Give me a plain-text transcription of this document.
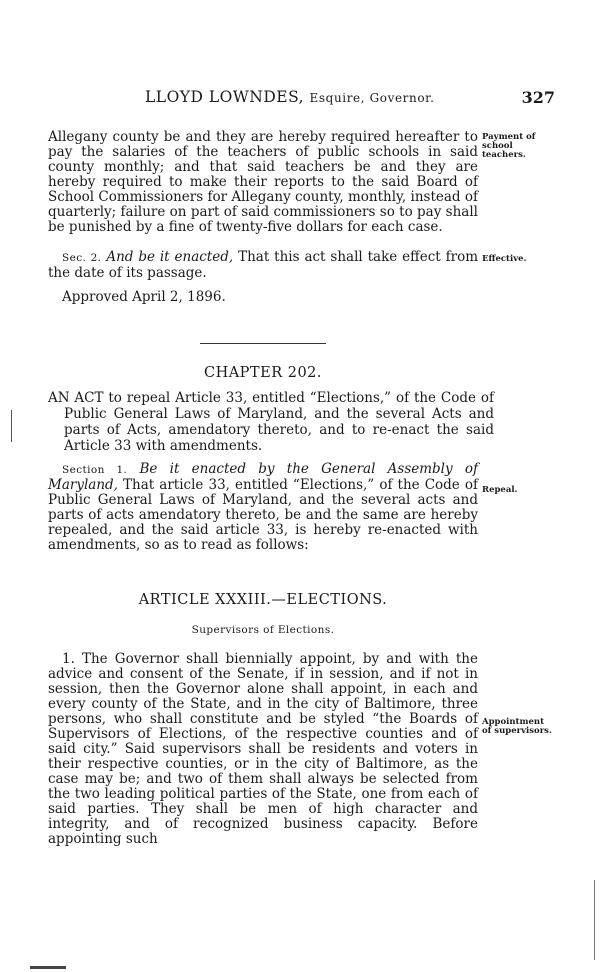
LLOYD LOWNDES, Esquire, Governor.	327
Allegany county be and they are hereby required hereafter to pay the salaries of the teachers of public schools in said county monthly; and that said teachers be and they are hereby required to make their reports to the said Board of School Commissioners for Allegany county, monthly, instead of quarterly; failure on part of said commissioners so to pay shall be punished by a fine of twenty-five dollars for each case.
Payment of school teachers.
Sec. 2. And be it enacted, That this act shall take effect from the date of its passage.
Effective.
Approved April 2, 1896.
CHAPTER 202.
AN ACT to repeal Article 33, entitled “Elections,” of the Code of Public General Laws of Maryland, and the several Acts and parts of Acts, amendatory thereto, and to re-enact the said Article 33 with amendments.
Section 1. Be it enacted by the General Assembly of Maryland, That article 33, entitled “Elections,” of the Code of Public General Laws of Maryland, and the several acts and parts of acts amendatory thereto, be and the same are hereby repealed, and the said article 33, is hereby re-enacted with amendments, so as to read as follows:
Repeal.
ARTICLE XXXIII.—ELECTIONS.
Supervisors of Elections.
1. The Governor shall biennially appoint, by and with the advice and consent of the Senate, if in session, and if not in session, then the Governor alone shall appoint, in each and every county of the State, and in the city of Baltimore, three persons, who shall constitute and be styled “the Boards of Supervisors of Elections, of the respective counties and of said city.” Said supervisors shall be residents and voters in their respective counties, or in the city of Baltimore, as the case may be; and two of them shall always be selected from the two leading political parties of the State, one from each of said parties. They shall be men of high character and integrity, and of recognized business capacity. Before appointing such
Appointment of supervisors.
